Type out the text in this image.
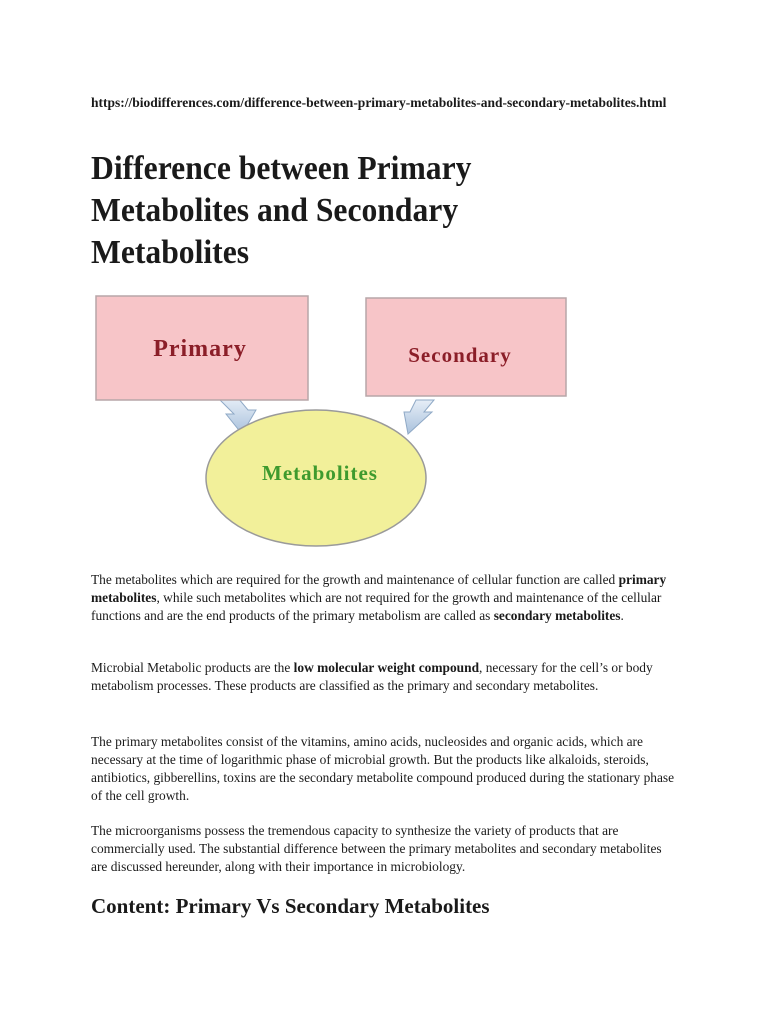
https://biodifferences.com/difference-between-primary-metabolites-and-secondary-metabolites.html
Difference between Primary Metabolites and Secondary Metabolites
Primary	Secondary
Metabolites

The metabolites which are required for the growth and maintenance of cellular function are called primary metabolites, while such metabolites which are not required for the growth and maintenance of the cellular functions and are the end products of the primary metabolism are called as secondary metabolites.

Microbial Metabolic products are the low molecular weight compound, necessary for the cell’s or body metabolism processes. These products are classified as the primary and secondary metabolites.

The primary metabolites consist of the vitamins, amino acids, nucleosides and organic acids, which are necessary at the time of logarithmic phase of microbial growth. But the products like alkaloids, steroids, antibiotics, gibberellins, toxins are the secondary metabolite compound produced during the stationary phase of the cell growth.

The microorganisms possess the tremendous capacity to synthesize the variety of products that are commercially used. The substantial difference between the primary metabolites and secondary metabolites are discussed hereunder, along with their importance in microbiology.

Content: Primary Vs Secondary Metabolites
